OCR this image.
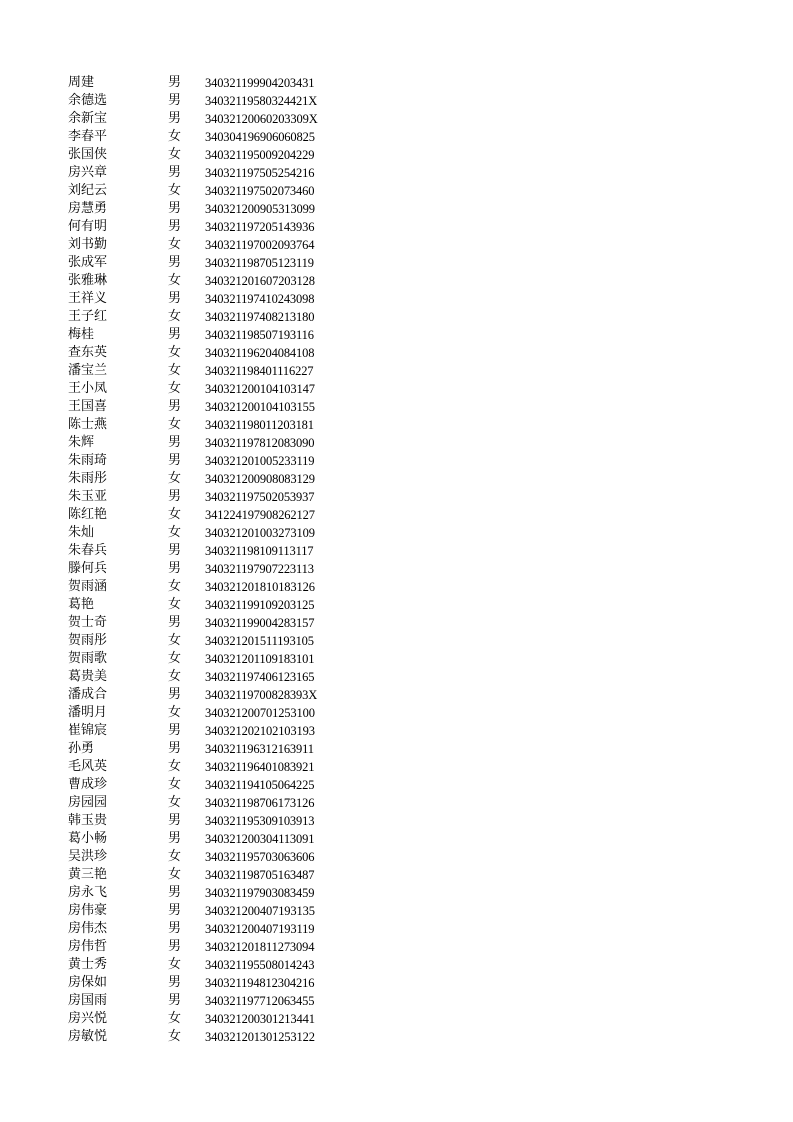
周建	男	340321199904203431
余德选	男	34032119580324421X
余新宝	男	34032120060203309X
李春平	女	340304196906060825
张国侠	女	340321195009204229
房兴章	男	340321197505254216
刘纪云	女	340321197502073460
房慧勇	男	340321200905313099
何有明	男	340321197205143936
刘书勤	女	340321197002093764
张成军	男	340321198705123119
张雅琳	女	340321201607203128
王祥义	男	340321197410243098
王子红	女	340321197408213180
梅桂	男	340321198507193116
查东英	女	340321196204084108
潘宝兰	女	340321198401116227
王小凤	女	340321200104103147
王国喜	男	340321200104103155
陈士燕	女	340321198011203181
朱辉	男	340321197812083090
朱雨琦	男	340321201005233119
朱雨彤	女	340321200908083129
朱玉亚	男	340321197502053937
陈红艳	女	341224197908262127
朱灿	女	340321201003273109
朱春兵	男	340321198109113117
滕何兵	男	340321197907223113
贺雨涵	女	340321201810183126
葛艳	女	340321199109203125
贺士奇	男	340321199004283157
贺雨彤	女	340321201511193105
贺雨歌	女	340321201109183101
葛贵美	女	340321197406123165
潘成合	男	34032119700828393X
潘明月	女	340321200701253100
崔锦宸	男	340321202102103193
孙勇	男	340321196312163911
毛风英	女	340321196401083921
曹成珍	女	340321194105064225
房园园	女	340321198706173126
韩玉贵	男	340321195309103913
葛小畅	男	340321200304113091
吴洪珍	女	340321195703063606
黄三艳	女	340321198705163487
房永飞	男	340321197903083459
房伟豪	男	340321200407193135
房伟杰	男	340321200407193119
房伟哲	男	340321201811273094
黄士秀	女	340321195508014243
房保如	男	340321194812304216
房国雨	男	340321197712063455
房兴悦	女	340321200301213441
房敏悦	女	340321201301253122
